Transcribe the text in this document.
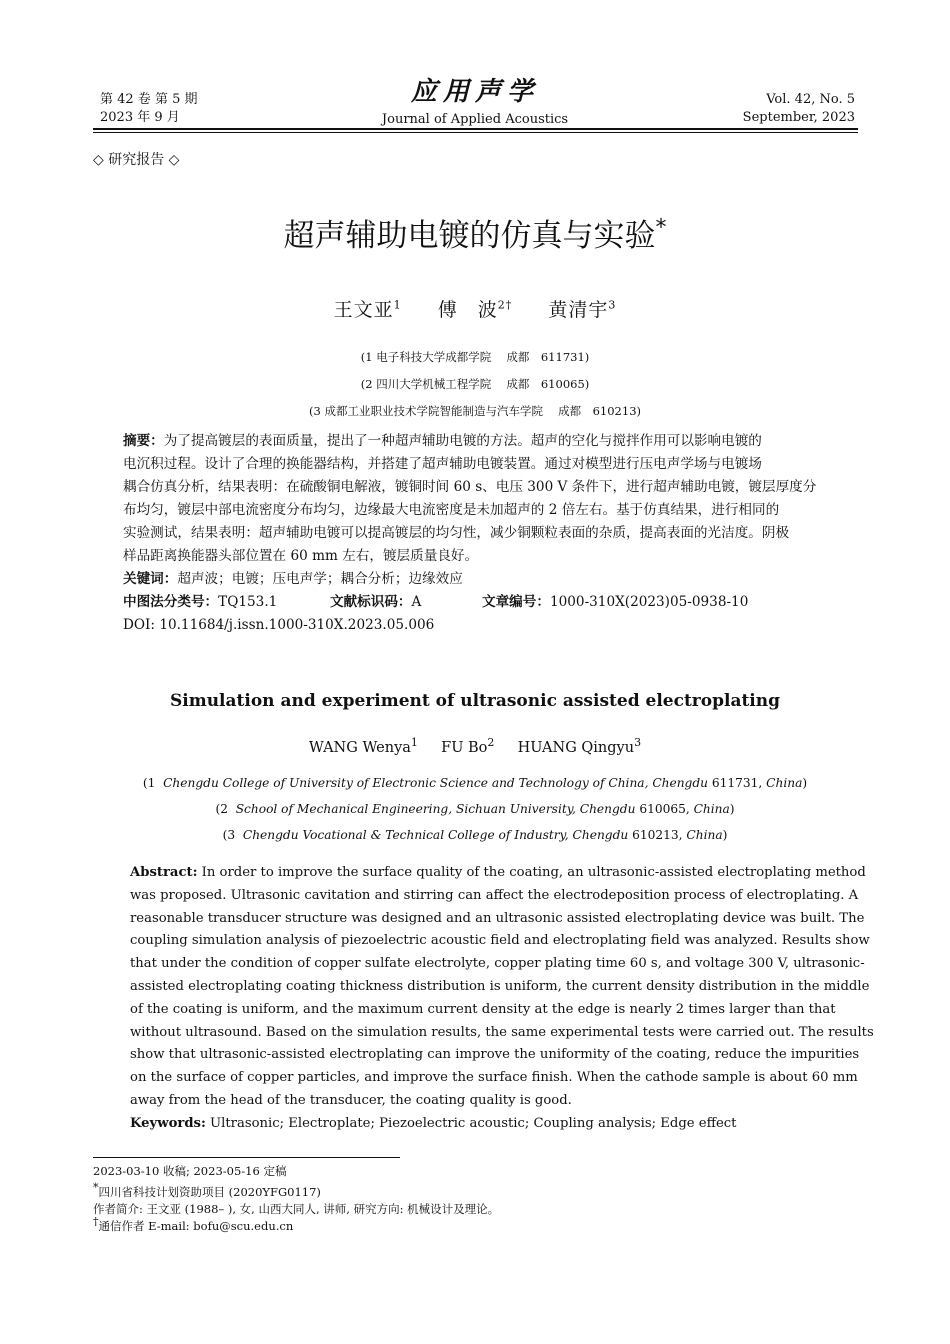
第 42 卷 第 5 期
2023 年 9 月
应用声学
Journal of Applied Acoustics
Vol. 42, No. 5
September, 2023
◇ 研究报告 ◇
超声辅助电镀的仿真与实验*
王文亚$^1$ 傅　波$^{2\dagger}$ 黄清宇$^3$
(1 电子科技大学成都学院　 成都　611731)
(2 四川大学机械工程学院　 成都　610065)
(3 成都工业职业技术学院智能制造与汽车学院　 成都　610213)
摘要：为了提高镀层的表面质量，提出了一种超声辅助电镀的方法。超声的空化与搅拌作用可以影响电镀的
电沉积过程。设计了合理的换能器结构，并搭建了超声辅助电镀装置。通过对模型进行压电声学场与电镀场
耦合仿真分析，结果表明：在硫酸铜电解液，镀铜时间 60 s、电压 300 V 条件下，进行超声辅助电镀，镀层厚度分
布均匀，镀层中部电流密度分布均匀，边缘最大电流密度是未加超声的 2 倍左右。基于仿真结果，进行相同的
实验测试，结果表明：超声辅助电镀可以提高镀层的均匀性，减少铜颗粒表面的杂质，提高表面的光洁度。阴极
样品距离换能器头部位置在 60 mm 左右，镀层质量良好。
关键词：超声波；电镀；压电声学；耦合分析；边缘效应
中图法分类号：TQ153.1	文献标识码：A	文章编号：1000-310X(2023)05-0938-10
DOI: 10.11684/j.issn.1000-310X.2023.05.006
Simulation and experiment of ultrasonic assisted electroplating
WANG Wenya$^1$ FU Bo$^2$ HUANG Qingyu$^3$
(1 Chengdu College of University of Electronic Science and Technology of China, Chengdu 611731, China)
(2 School of Mechanical Engineering, Sichuan University, Chengdu 610065, China)
(3 Chengdu Vocational & Technical College of Industry, Chengdu 610213, China)
Abstract: In order to improve the surface quality of the coating, an ultrasonic-assisted electroplating method
was proposed. Ultrasonic cavitation and stirring can affect the electrodeposition process of electroplating. A
reasonable transducer structure was designed and an ultrasonic assisted electroplating device was built. The
coupling simulation analysis of piezoelectric acoustic field and electroplating field was analyzed. Results show
that under the condition of copper sulfate electrolyte, copper plating time 60 s, and voltage 300 V, ultrasonic-
assisted electroplating coating thickness distribution is uniform, the current density distribution in the middle
of the coating is uniform, and the maximum current density at the edge is nearly 2 times larger than that
without ultrasound. Based on the simulation results, the same experimental tests were carried out. The results
show that ultrasonic-assisted electroplating can improve the uniformity of the coating, reduce the impurities
on the surface of copper particles, and improve the surface finish. When the cathode sample is about 60 mm
away from the head of the transducer, the coating quality is good.
Keywords: Ultrasonic; Electroplate; Piezoelectric acoustic; Coupling analysis; Edge effect
2023-03-10 收稿; 2023-05-16 定稿
*四川省科技计划资助项目 (2020YFG0117)
作者简介: 王文亚 (1988– ), 女, 山西大同人, 讲师, 研究方向: 机械设计及理论。
†通信作者 E-mail: bofu@scu.edu.cn
